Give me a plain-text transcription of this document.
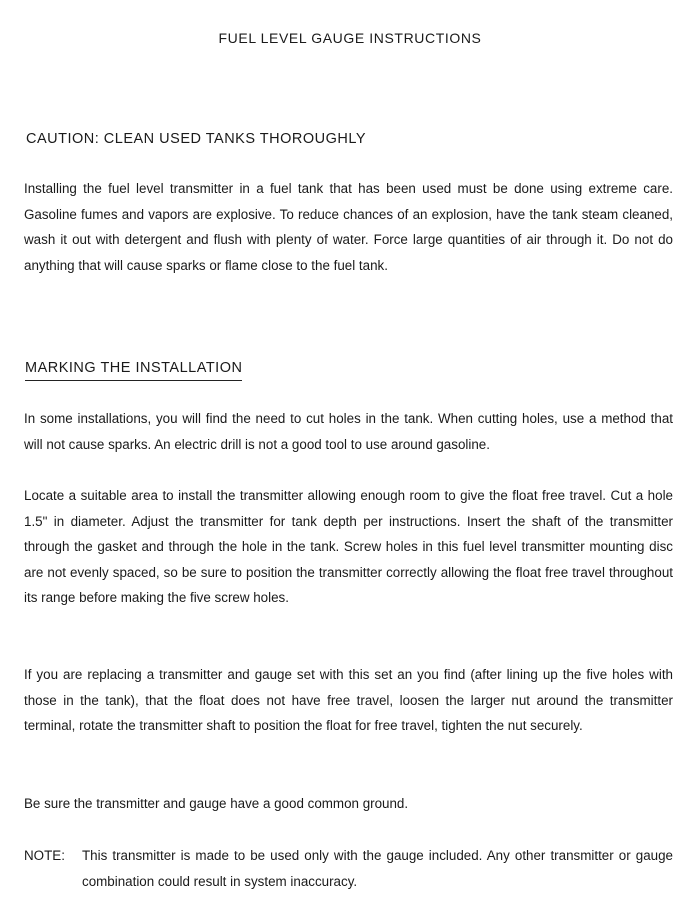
FUEL LEVEL GAUGE INSTRUCTIONS
CAUTION: CLEAN USED TANKS THOROUGHLY
Installing the fuel level transmitter in a fuel tank that has been used must be done using extreme care. Gasoline fumes and vapors are explosive. To reduce chances of an explosion, have the tank steam cleaned, wash it out with detergent and flush with plenty of water. Force large quantities of air through it. Do not do anything that will cause sparks or flame close to the fuel tank.
MARKING THE INSTALLATION
In some installations, you will find the need to cut holes in the tank. When cutting holes, use a method that will not cause sparks. An electric drill is not a good tool to use around gasoline.
Locate a suitable area to install the transmitter allowing enough room to give the float free travel. Cut a hole 1.5" in diameter. Adjust the transmitter for tank depth per instructions. Insert the shaft of the transmitter through the gasket and through the hole in the tank. Screw holes in this fuel level transmitter mounting disc are not evenly spaced, so be sure to position the transmitter correctly allowing the float free travel throughout its range before making the five screw holes.
If you are replacing a transmitter and gauge set with this set an you find (after lining up the five holes with those in the tank), that the float does not have free travel, loosen the larger nut around the transmitter terminal, rotate the transmitter shaft to position the float for free travel, tighten the nut securely.
Be sure the transmitter and gauge have a good common ground.
NOTE:	This transmitter is made to be used only with the gauge included. Any other transmitter or gauge combination could result in system inaccuracy.
